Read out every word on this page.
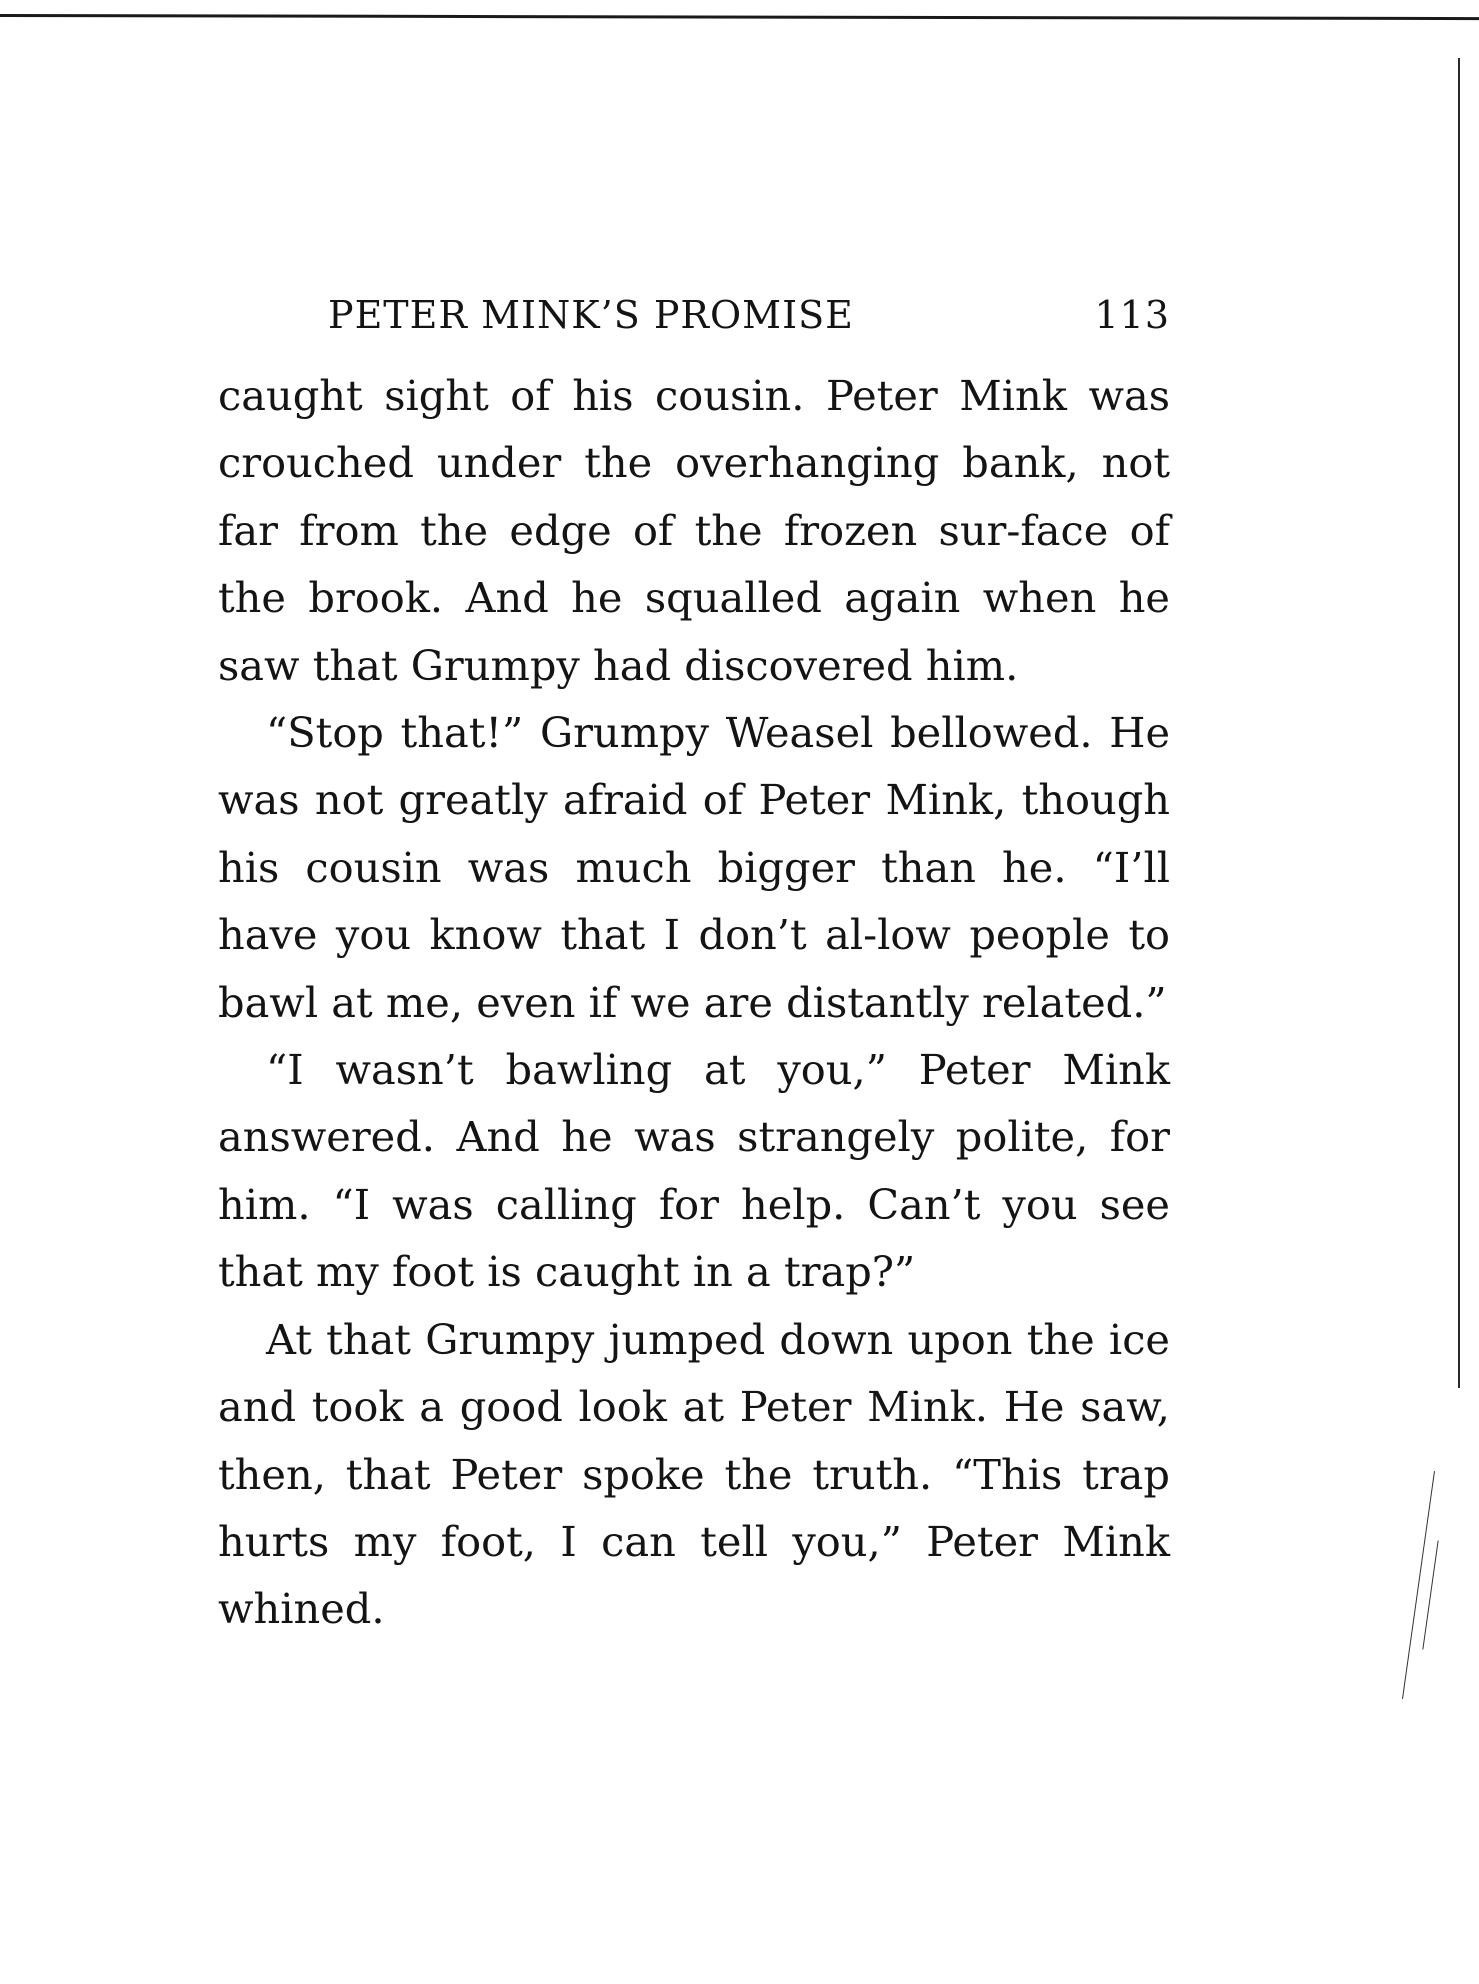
PETER MINK’S PROMISE	113

caught sight of his cousin. Peter Mink was crouched under the overhanging bank, not far from the edge of the frozen sur-face of the brook. And he squalled again when he saw that Grumpy had discovered him.

“Stop that!” Grumpy Weasel bellowed. He was not greatly afraid of Peter Mink, though his cousin was much bigger than he. “I’ll have you know that I don’t al-low people to bawl at me, even if we are distantly related.”

“I wasn’t bawling at you,” Peter Mink answered. And he was strangely polite, for him. “I was calling for help. Can’t you see that my foot is caught in a trap?”

At that Grumpy jumped down upon the ice and took a good look at Peter Mink. He saw, then, that Peter spoke the truth. “This trap hurts my foot, I can tell you,” Peter Mink whined.
